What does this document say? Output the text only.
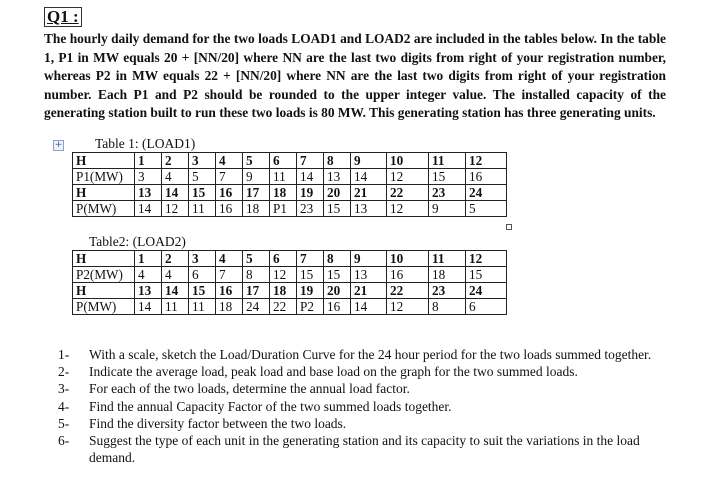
Q1 :

The hourly daily demand for the two loads LOAD1 and LOAD2 are included in the tables below. In the table 1, P1 in MW equals 20 + [NN/20] where NN are the last two digits from right of your registration number, whereas P2 in MW equals 22 + [NN/20] where NN are the last two digits from right of your registration number. Each P1 and P2 should be rounded to the upper integer value. The installed capacity of the generating station built to run these two loads is 80 MW. This generating station has three generating units.

+ Table 1: (LOAD1)
H	1	2	3	4	5	6	7	8	9	10	11	12
P1(MW)	3	4	5	7	9	11	14	13	14	12	15	16
H	13	14	15	16	17	18	19	20	21	22	23	24
P(MW)	14	12	11	16	18	P1	23	15	13	12	9	5
Table2: (LOAD2)
H	1	2	3	4	5	6	7	8	9	10	11	12
P2(MW)	4	4	6	7	8	12	15	15	13	16	18	15
H	13	14	15	16	17	18	19	20	21	22	23	24
P(MW)	14	11	11	18	24	22	P2	16	14	12	8	6
1- With a scale, sketch the Load/Duration Curve for the 24 hour period for the two loads summed together.
2- Indicate the average load, peak load and base load on the graph for the two summed loads.
3- For each of the two loads, determine the annual load factor.
4- Find the annual Capacity Factor of the two summed loads together.
5- Find the diversity factor between the two loads.
6- Suggest the type of each unit in the generating station and its capacity to suit the variations in the load demand.
